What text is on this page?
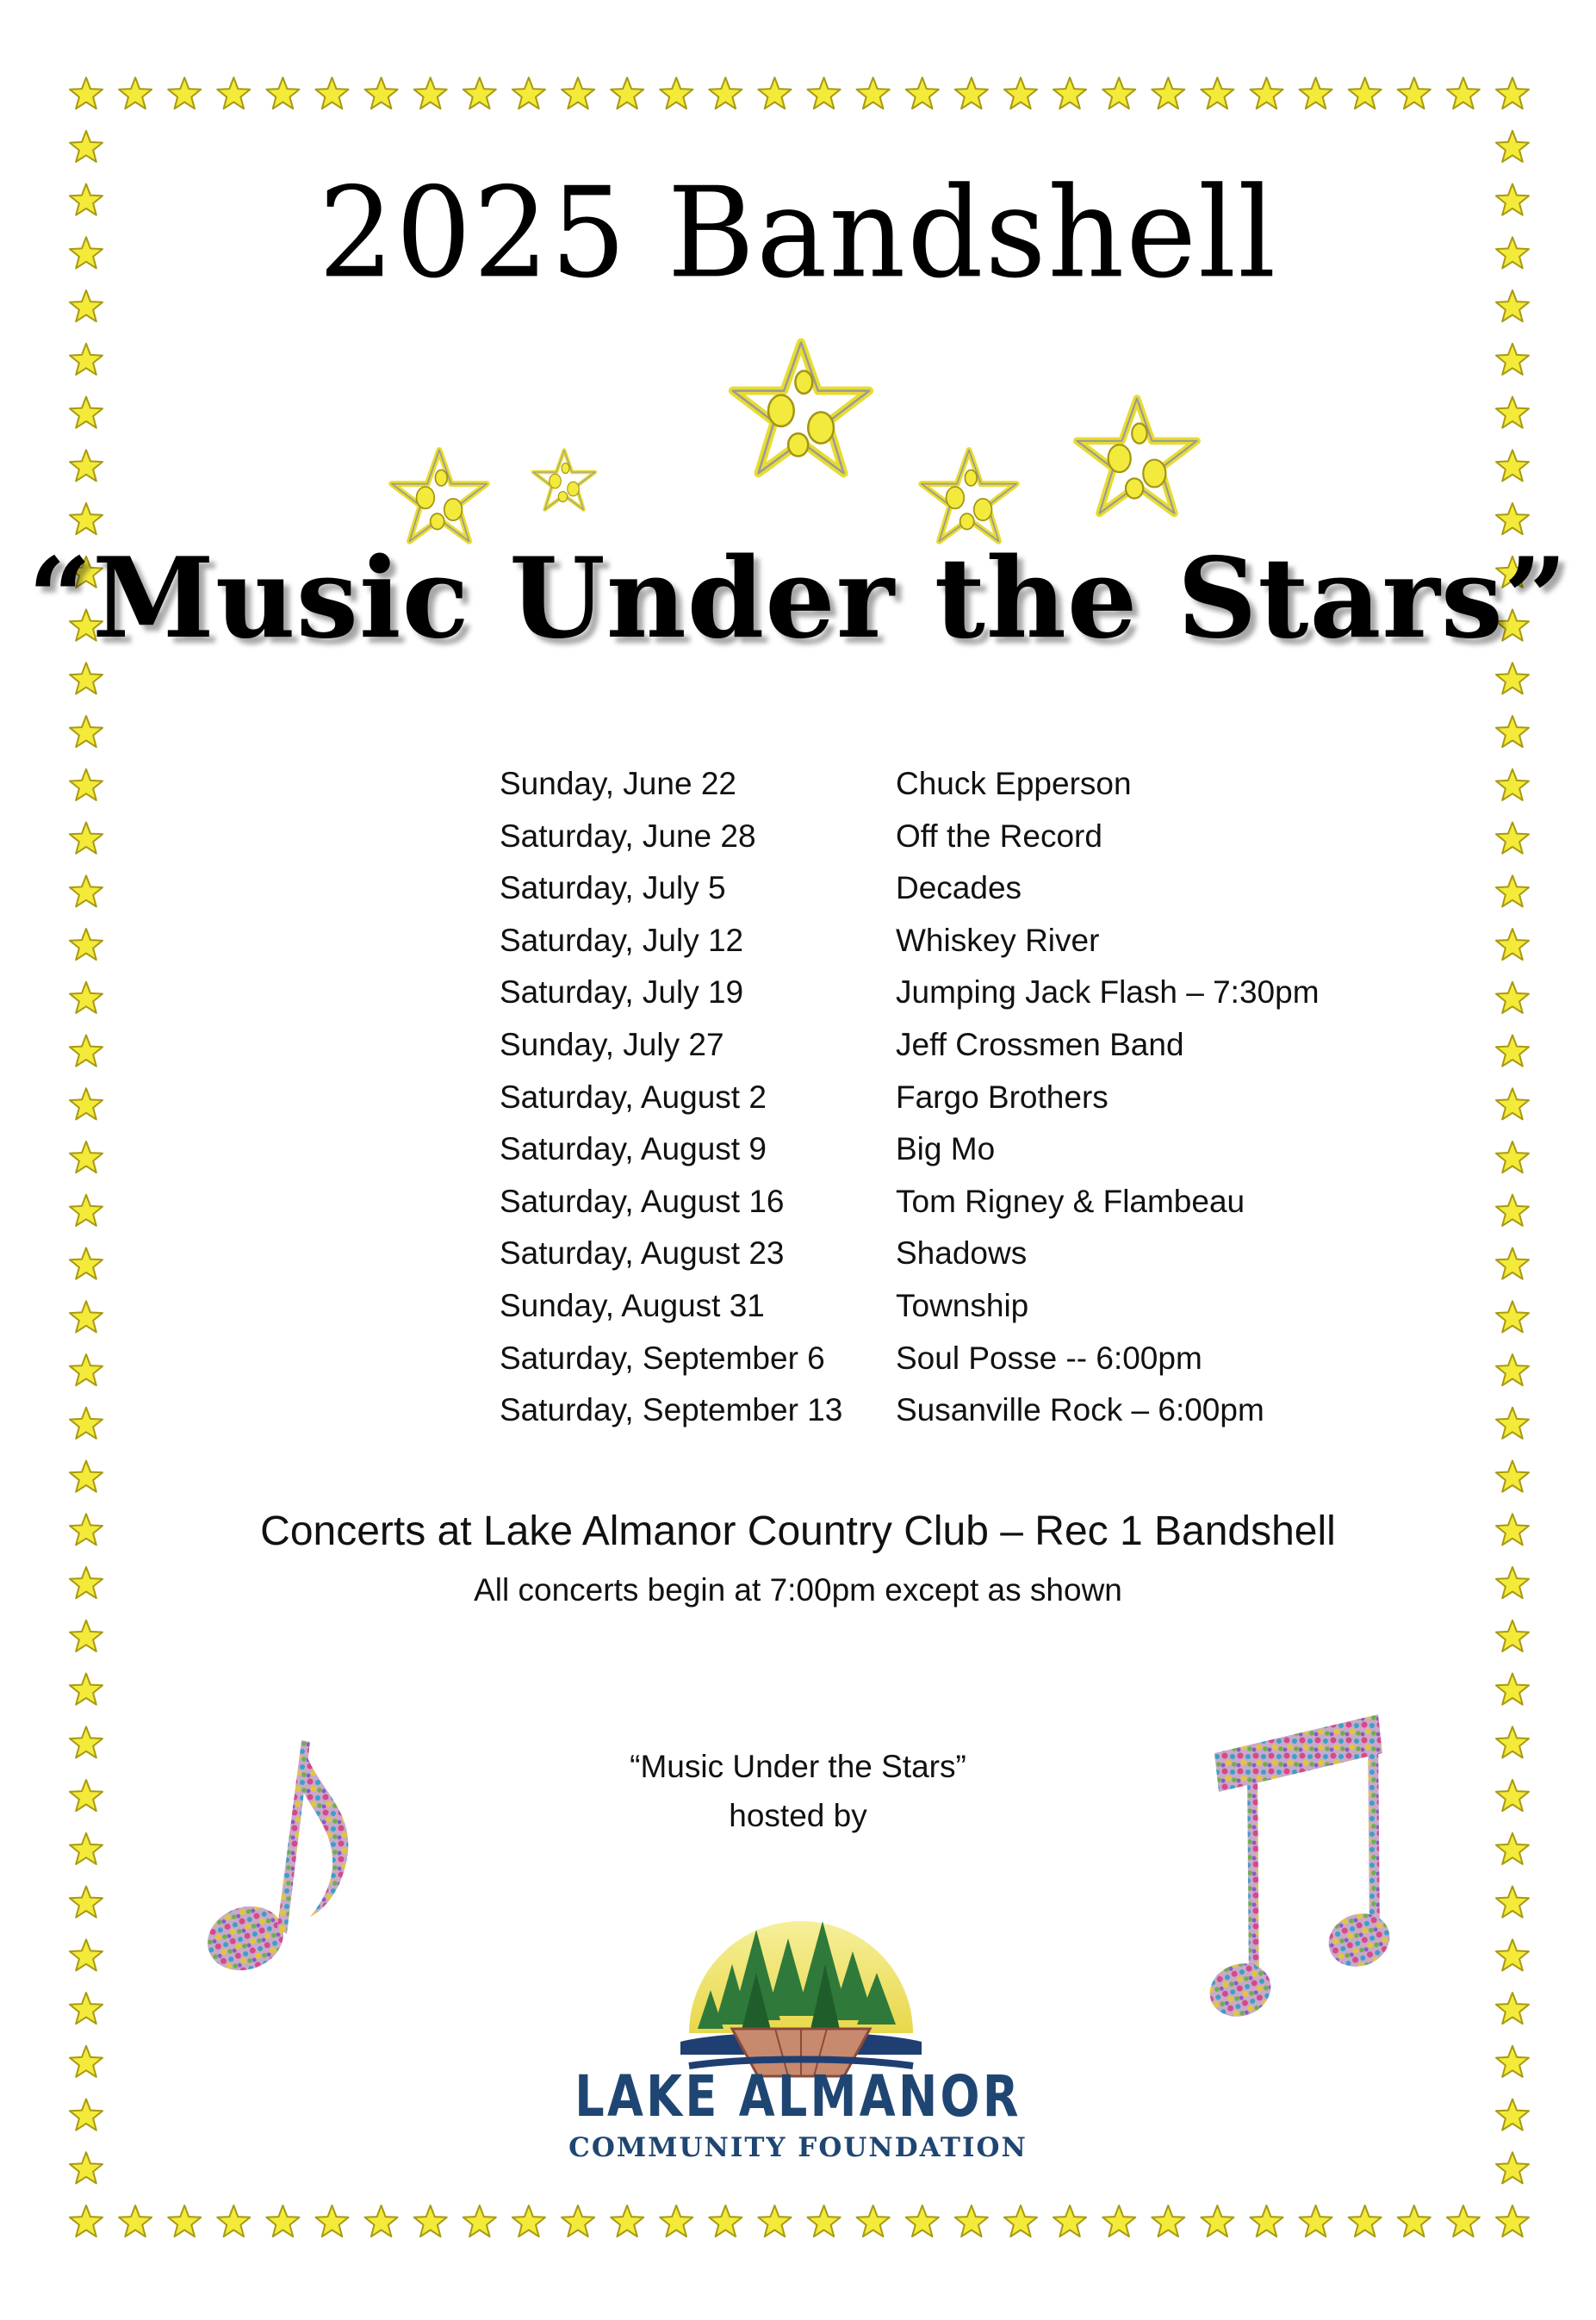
2025 Bandshell
“Music Under the Stars”
Sunday, June 22	Chuck Epperson
Saturday, June 28	Off the Record
Saturday, July 5	Decades
Saturday, July 12	Whiskey River
Saturday, July 19	Jumping Jack Flash – 7:30pm
Sunday, July 27	Jeff Crossmen Band
Saturday, August 2	Fargo Brothers
Saturday, August 9	Big Mo
Saturday, August 16	Tom Rigney & Flambeau
Saturday, August 23	Shadows
Sunday, August 31	Township
Saturday, September 6 Soul Posse -- 6:00pm
Saturday, September 13 Susanville Rock – 6:00pm
Concerts at Lake Almanor Country Club – Rec 1 Bandshell
All concerts begin at 7:00pm except as shown
“Music Under the Stars”
hosted by
LAKE ALMANOR
COMMUNITY FOUNDATION
